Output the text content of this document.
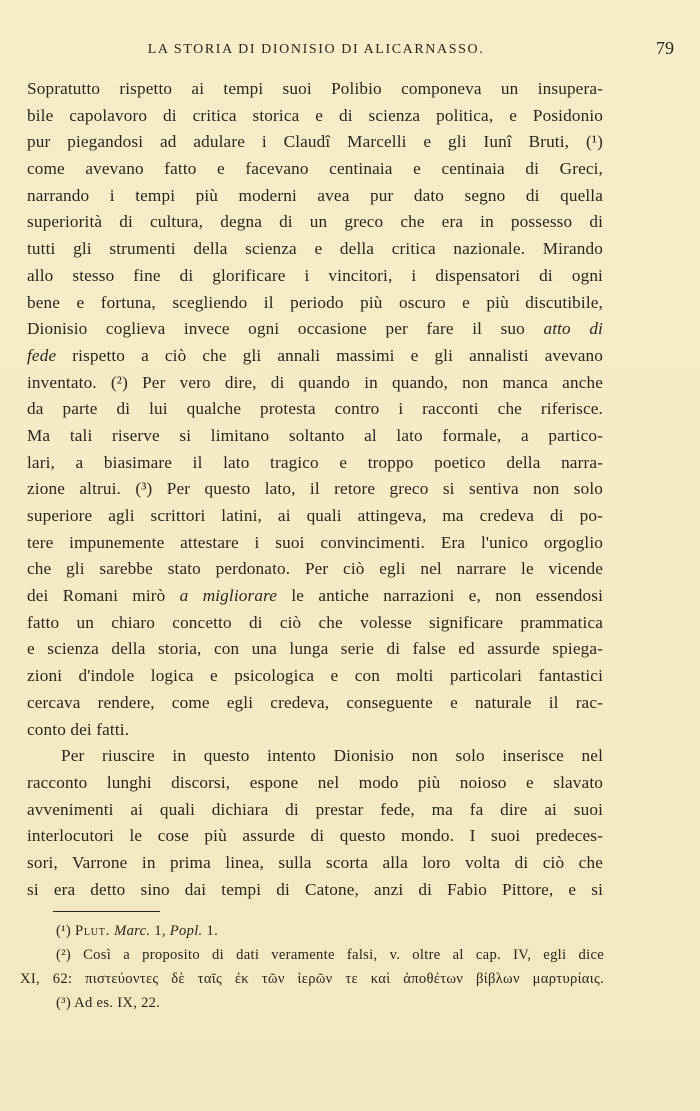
LA STORIA DI DIONISIO DI ALICARNASSO.	79
Sopratutto rispetto ai tempi suoi Polibio componeva un insupera-
bile capolavoro di critica storica e di scienza politica, e Posidonio
pur piegandosi ad adulare i Claudî Marcelli e gli Iunî Bruti, (¹)
come avevano fatto e facevano centinaia e centinaia di Greci,
narrando i tempi più moderni avea pur dato segno di quella
superiorità di cultura, degna di un greco che era in possesso di
tutti gli strumenti della scienza e della critica nazionale. Mirando
allo stesso fine di glorificare i vincitori, i dispensatori di ogni
bene e fortuna, scegliendo il periodo più oscuro e più discutibile,
Dionisio coglieva invece ogni occasione per fare il suo atto di
fede rispetto a ciò che gli annali massimi e gli annalisti avevano
inventato. (²) Per vero dire, di quando in quando, non manca anche
da parte di lui qualche protesta contro i racconti che riferisce.
Ma tali riserve si limitano soltanto al lato formale, a partico-
lari, a biasimare il lato tragico e troppo poetico della narra-
zione altrui. (³) Per questo lato, il retore greco si sentiva non solo
superiore agli scrittori latini, ai quali attingeva, ma credeva di po-
tere impunemente attestare i suoi convincimenti. Era l'unico orgoglio
che gli sarebbe stato perdonato. Per ciò egli nel narrare le vicende
dei Romani mirò a migliorare le antiche narrazioni e, non essendosi
fatto un chiaro concetto di ciò che volesse significare prammatica
e scienza della storia, con una lunga serie di false ed assurde spiega-
zioni d'indole logica e psicologica e con molti particolari fantastici
cercava rendere, come egli credeva, conseguente e naturale il rac-
conto dei fatti.
Per riuscire in questo intento Dionisio non solo inserisce nel
racconto lunghi discorsi, espone nel modo più noioso e slavato
avvenimenti ai quali dichiara di prestar fede, ma fa dire ai suoi
interlocutori le cose più assurde di questo mondo. I suoi predeces-
sori, Varrone in prima linea, sulla scorta alla loro volta di ciò che
si era detto sino dai tempi di Catone, anzi di Fabio Pittore, e si
(¹) Plut. Marc. 1, Popl. 1.
(²) Così a proposito di dati veramente falsi, v. oltre al cap. IV, egli dice
XI, 62: πιστεύοντες δὲ ταῖς ἐκ τῶν ἱερῶν τε καὶ ἀποθέτων βίβλων μαρτυρίαις.
(³) Ad es. IX, 22.
